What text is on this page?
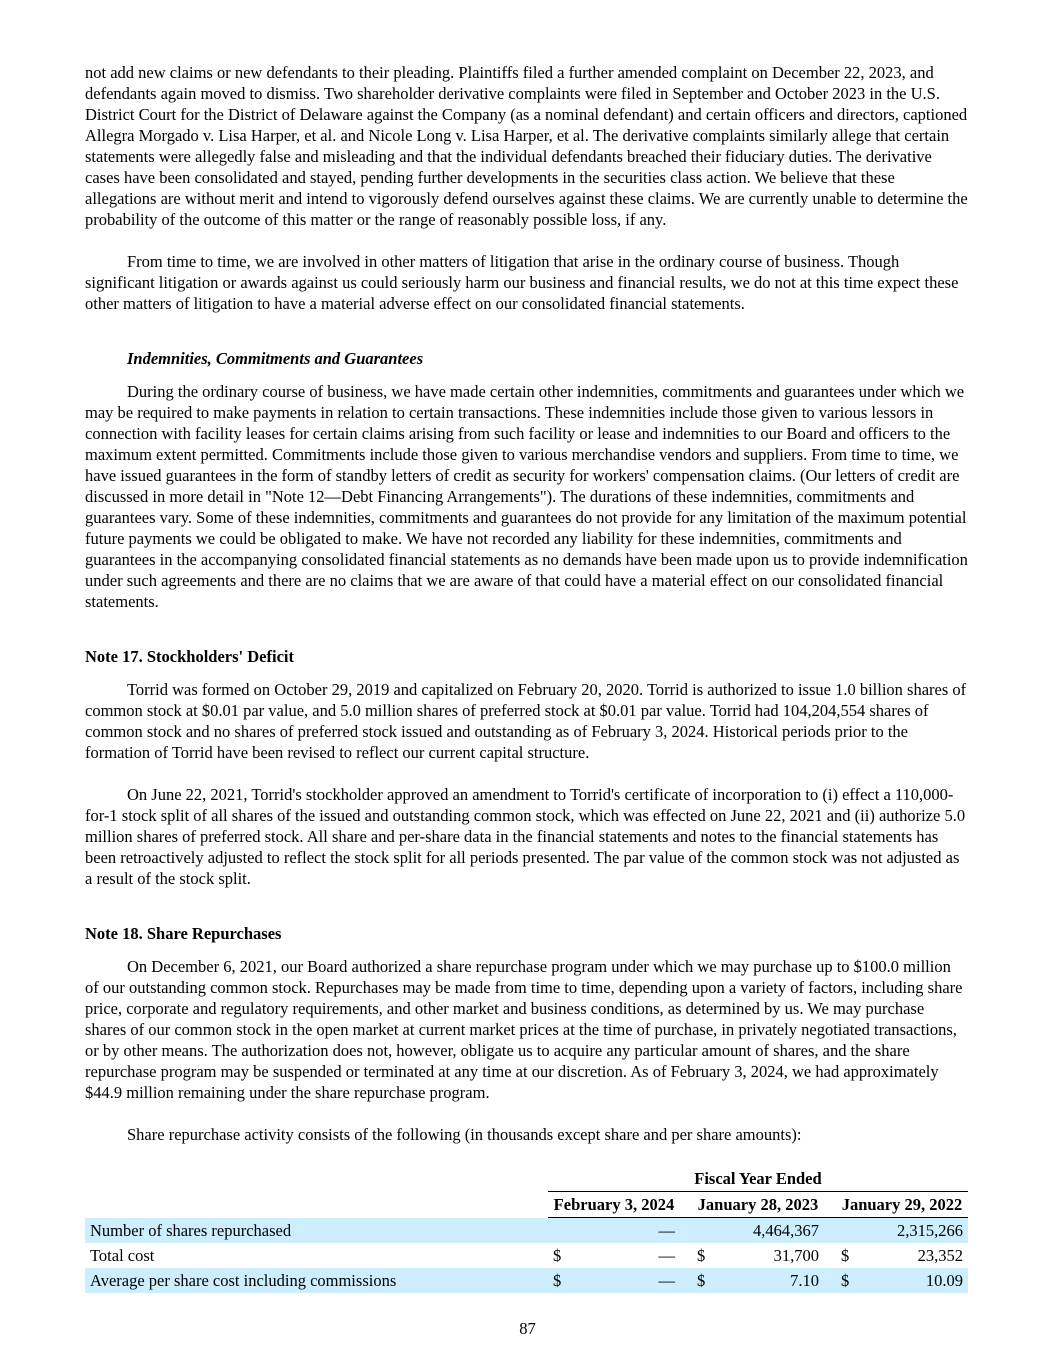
not add new claims or new defendants to their pleading. Plaintiffs filed a further amended complaint on December 22, 2023, and defendants again moved to dismiss. Two shareholder derivative complaints were filed in September and October 2023 in the U.S. District Court for the District of Delaware against the Company (as a nominal defendant) and certain officers and directors, captioned Allegra Morgado v. Lisa Harper, et al. and Nicole Long v. Lisa Harper, et al. The derivative complaints similarly allege that certain statements were allegedly false and misleading and that the individual defendants breached their fiduciary duties. The derivative cases have been consolidated and stayed, pending further developments in the securities class action. We believe that these allegations are without merit and intend to vigorously defend ourselves against these claims. We are currently unable to determine the probability of the outcome of this matter or the range of reasonably possible loss, if any.

From time to time, we are involved in other matters of litigation that arise in the ordinary course of business. Though significant litigation or awards against us could seriously harm our business and financial results, we do not at this time expect these other matters of litigation to have a material adverse effect on our consolidated financial statements.

Indemnities, Commitments and Guarantees

During the ordinary course of business, we have made certain other indemnities, commitments and guarantees under which we may be required to make payments in relation to certain transactions. These indemnities include those given to various lessors in connection with facility leases for certain claims arising from such facility or lease and indemnities to our Board and officers to the maximum extent permitted. Commitments include those given to various merchandise vendors and suppliers. From time to time, we have issued guarantees in the form of standby letters of credit as security for workers' compensation claims. (Our letters of credit are discussed in more detail in "Note 12—Debt Financing Arrangements"). The durations of these indemnities, commitments and guarantees vary. Some of these indemnities, commitments and guarantees do not provide for any limitation of the maximum potential future payments we could be obligated to make. We have not recorded any liability for these indemnities, commitments and guarantees in the accompanying consolidated financial statements as no demands have been made upon us to provide indemnification under such agreements and there are no claims that we are aware of that could have a material effect on our consolidated financial statements.

Note 17. Stockholders' Deficit

Torrid was formed on October 29, 2019 and capitalized on February 20, 2020. Torrid is authorized to issue 1.0 billion shares of common stock at $0.01 par value, and 5.0 million shares of preferred stock at $0.01 par value. Torrid had 104,204,554 shares of common stock and no shares of preferred stock issued and outstanding as of February 3, 2024. Historical periods prior to the formation of Torrid have been revised to reflect our current capital structure.

On June 22, 2021, Torrid's stockholder approved an amendment to Torrid's certificate of incorporation to (i) effect a 110,000-for-1 stock split of all shares of the issued and outstanding common stock, which was effected on June 22, 2021 and (ii) authorize 5.0 million shares of preferred stock. All share and per-share data in the financial statements and notes to the financial statements has been retroactively adjusted to reflect the stock split for all periods presented. The par value of the common stock was not adjusted as a result of the stock split.

Note 18. Share Repurchases

On December 6, 2021, our Board authorized a share repurchase program under which we may purchase up to $100.0 million of our outstanding common stock. Repurchases may be made from time to time, depending upon a variety of factors, including share price, corporate and regulatory requirements, and other market and business conditions, as determined by us. We may purchase shares of our common stock in the open market at current market prices at the time of purchase, in privately negotiated transactions, or by other means. The authorization does not, however, obligate us to acquire any particular amount of shares, and the share repurchase program may be suspended or terminated at any time at our discretion. As of February 3, 2024, we had approximately $44.9 million remaining under the share repurchase program.

Share repurchase activity consists of the following (in thousands except share and per share amounts):

	Fiscal Year Ended							
	February 3, 2024			January 28, 2023			January 29, 2022	
Number of shares repurchased		—			4,464,367			2,315,266
Total cost	$	—		$	31,700		$	23,352
Average per share cost including commissions	$	—		$	7.10		$	10.09
87
